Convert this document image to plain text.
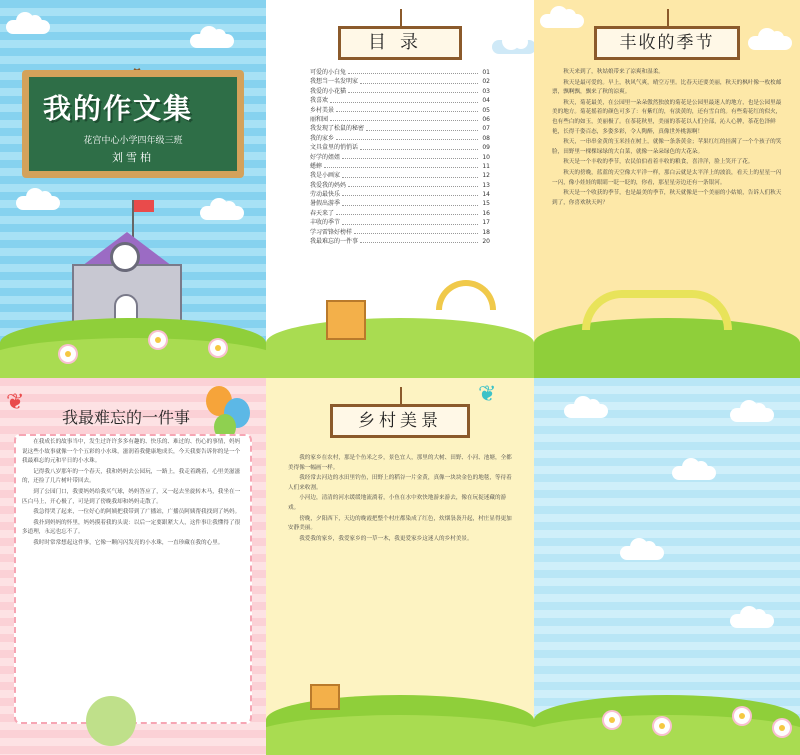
我的作文集
花宫中心小学四年级三班
刘雪柏
目录
可爱的小白兔	01
我想当一名发明家	02
我爱的小花猫	03
我喜欢	04
乡村美景	05
丽和园	06
我发现了松鼠的秘密	07
我的家乡	08
文具盒里的悄悄话	09
好学的姐姐	10
蟋蟀	11
我是小画家	12
我爱我的妈妈	13
劳动最快乐	14
暑假出游季	15
春天来了	16
丰收的季节	17
学习雷锋好榜样	18
我最难忘的一件事	20
丰收的季节

秋天来到了，秋姑娘带来了凉爽和湿柔。

秋天是最可爱的。早上，秋风气爽，晴空万里。比春天还要美丽，秋天的枫叶像一枚枚邮票，飘啊飘，飘来了秋的凉爽。

秋天，菊花最美，在公园里一朵朵傲然独放的菊花是公园里最迷人的地方，也是公园里最美的地方。菊花摇着的颜色可多了：有紫红的，有淡黄的，还有雪白的。有些菊花红的似火，也有些白的如玉，美丽极了。在茶花秋里，美丽的茶花以人们全部，沁人心脾，茶花色泽鲜艳，长得千姿百态，多姿多彩，令人陶醉，真像世外桃源啊！

秋天，一串串金黄的玉米挂在树上，就像一条条黄金；苹果红红的挂满了一个个孩子的笑脸，田野里一棵棵绿绿的大白菜，就像一朵朵绿色的大花朵。

秋天是一个丰收的季节，农民伯伯看着丰收的粮食，喜洋洋，脸上笑开了花。

秋天的傍晚，蓝蓝的天空像大平洋一样，那白云就是太平洋上的波浪，看天上的星星一闪一闪，像小娃娃的眼睛一眨一眨的，你看，那星星旁边还有一条银河。

秋天是一个收获的季节，也是最美的季节，秋天就像是一个美丽的小姑娘，告诉人们秋天到了，你喜欢秋天吗？

❦
我最难忘的一件事

在我成长的故事当中，发生过许许多多有趣的、快乐的、难过的、伤心的事情，妈妈说这些小故事就像一个个五彩的小水珠，滋润着我健康地成长，今天我要告诉你的是一个我最难忘的元和平日的小水珠。

记得我八岁那年的一个春天，我和妈妈去公园玩，一路上，我走着跳着，心里美滋滋的，还捡了几片树叶带回去。

到了公园门口，我要妈妈给我买气球，妈妈答应了，又一起去坐旋转木马，我坐在一匹白马上，开心极了，可是到了傍晚我却和妈妈走散了。

我急得哭了起来，一位好心的阿姨把我带到了广播站，广播员阿姨帮我找到了妈妈。

我扑到妈妈的怀里，妈妈摸着我的头说：以后一定要跟紧大人，这件事让我懂得了很多道理，永远也忘不了。

我时时常常想起这件事，它像一颗闪闪发亮的小水珠，一直珍藏在我的心里。

❦
乡村美景

我的家乡在农村，那是个鱼米之乡，景色宜人，那里的大树、田野、小河、池塘，全都美得像一幅画一样。

我经常去河边的水田里钓鱼，田野上的稻谷一片金黄，真像一块块金色的地毯，等待着人们来收割。

小河边，清清的河水缓缓地流淌着，小鱼在水中欢快地游来游去，像在玩捉迷藏的游戏。

傍晚，夕阳西下，天边的晚霞把整个村庄都染成了红色，炊烟袅袅升起，村庄显得更加安静美丽。

我爱我的家乡，我爱家乡的一草一木，我更爱家乡这迷人的乡村美景。
